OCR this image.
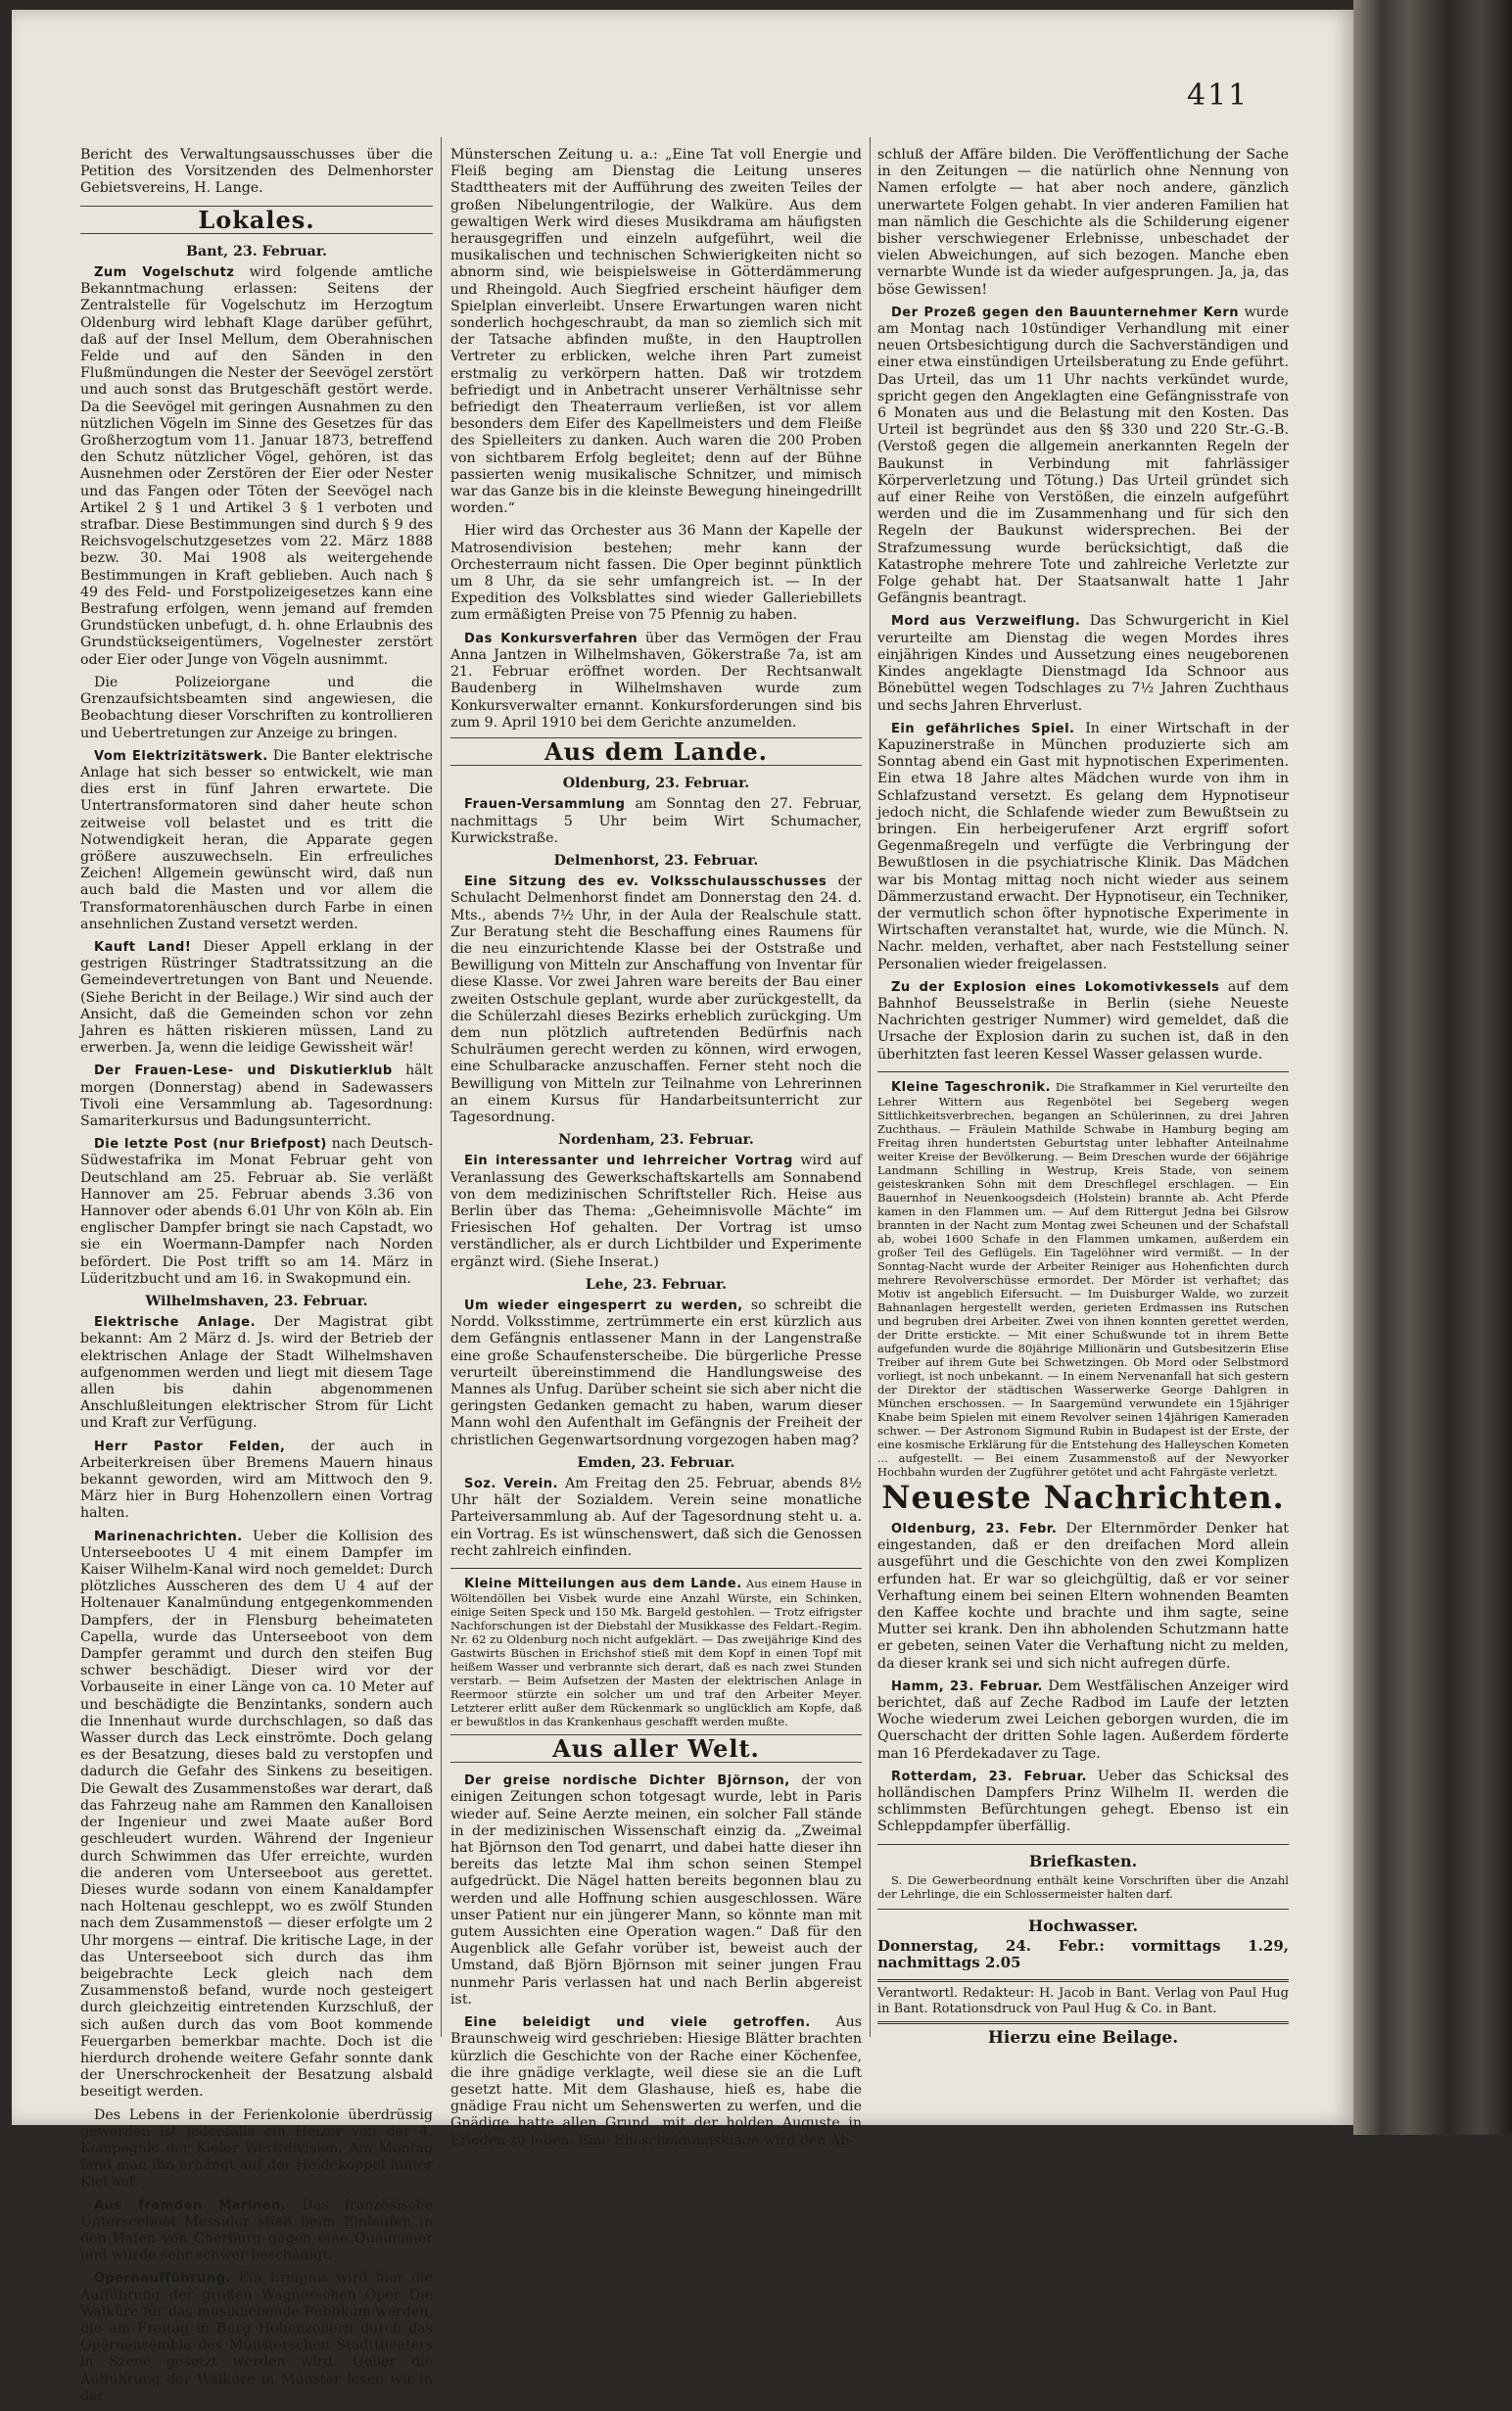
411
Bericht des Verwaltungsausschusses über die Petition des Vorsitzenden des Delmenhorster Gebietsvereins, H. Lange.
Lokales.
Bant, 23. Februar.

Zum Vogelschutz wird folgende amtliche Bekanntmachung erlassen: Seitens der Zentralstelle für Vogelschutz im Herzogtum Oldenburg wird lebhaft Klage darüber geführt, daß auf der Insel Mellum, dem Oberahnischen Felde und auf den Sänden in den Flußmündungen die Nester der Seevögel zerstört und auch sonst das Brutgeschäft gestört werde. Da die Seevögel mit geringen Ausnahmen zu den nützlichen Vögeln im Sinne des Gesetzes für das Großherzogtum vom 11. Januar 1873, betreffend den Schutz nützlicher Vögel, gehören, ist das Ausnehmen oder Zerstören der Eier oder Nester und das Fangen oder Töten der Seevögel nach Artikel 2 § 1 und Artikel 3 § 1 verboten und strafbar. Diese Bestimmungen sind durch § 9 des Reichsvogelschutzgesetzes vom 22. März 1888 bezw. 30. Mai 1908 als weitergehende Bestimmungen in Kraft geblieben. Auch nach § 49 des Feld- und Forstpolizeigesetzes kann eine Bestrafung erfolgen, wenn jemand auf fremden Grundstücken unbefugt, d. h. ohne Erlaubnis des Grundstückseigentümers, Vogelnester zerstört oder Eier oder Junge von Vögeln ausnimmt.

Die Polizeiorgane und die Grenzaufsichtsbeamten sind angewiesen, die Beobachtung dieser Vorschriften zu kontrollieren und Uebertretungen zur Anzeige zu bringen.

Vom Elektrizitätswerk. Die Banter elektrische Anlage hat sich besser so entwickelt, wie man dies erst in fünf Jahren erwartete. Die Untertransformatoren sind daher heute schon zeitweise voll belastet und es tritt die Notwendigkeit heran, die Apparate gegen größere auszuwechseln. Ein erfreuliches Zeichen! Allgemein gewünscht wird, daß nun auch bald die Masten und vor allem die Transformatorenhäuschen durch Farbe in einen ansehnlichen Zustand versetzt werden.

Kauft Land! Dieser Appell erklang in der gestrigen Rüstringer Stadtratssitzung an die Gemeindevertretungen von Bant und Neuende. (Siehe Bericht in der Beilage.) Wir sind auch der Ansicht, daß die Gemeinden schon vor zehn Jahren es hätten riskieren müssen, Land zu erwerben. Ja, wenn die leidige Gewissheit wär!

Der Frauen-Lese- und Diskutierklub hält morgen (Donnerstag) abend in Sadewassers Tivoli eine Versammlung ab. Tagesordnung: Samariterkursus und Badungsunterricht.

Die letzte Post (nur Briefpost) nach Deutsch-Südwestafrika im Monat Februar geht von Deutschland am 25. Februar ab. Sie verläßt Hannover am 25. Februar abends 3.36 von Hannover oder abends 6.01 Uhr von Köln ab. Ein englischer Dampfer bringt sie nach Capstadt, wo sie ein Woermann-Dampfer nach Norden befördert. Die Post trifft so am 14. März in Lüderitzbucht und am 16. in Swakopmund ein.

Wilhelmshaven, 23. Februar.

Elektrische Anlage. Der Magistrat gibt bekannt: Am 2 März d. Js. wird der Betrieb der elektrischen Anlage der Stadt Wilhelmshaven aufgenommen werden und liegt mit diesem Tage allen bis dahin abgenommenen Anschlußleitungen elektrischer Strom für Licht und Kraft zur Verfügung.

Herr Pastor Felden, der auch in Arbeiterkreisen über Bremens Mauern hinaus bekannt geworden, wird am Mittwoch den 9. März hier in Burg Hohenzollern einen Vortrag halten.

Marinenachrichten. Ueber die Kollision des Unterseebootes U 4 mit einem Dampfer im Kaiser Wilhelm-Kanal wird noch gemeldet: Durch plötzliches Ausscheren des dem U 4 auf der Holtenauer Kanalmündung entgegenkommenden Dampfers, der in Flensburg beheimateten Capella, wurde das Unterseeboot von dem Dampfer gerammt und durch den steifen Bug schwer beschädigt. Dieser wird vor der Vorbauseite in einer Länge von ca. 10 Meter auf und beschädigte die Benzintanks, sondern auch die Innenhaut wurde durchschlagen, so daß das Wasser durch das Leck einströmte. Doch gelang es der Besatzung, dieses bald zu verstopfen und dadurch die Gefahr des Sinkens zu beseitigen. Die Gewalt des Zusammenstoßes war derart, daß das Fahrzeug nahe am Rammen den Kanalloisen der Ingenieur und zwei Maate außer Bord geschleudert wurden. Während der Ingenieur durch Schwimmen das Ufer erreichte, wurden die anderen vom Unterseeboot aus gerettet. Dieses wurde sodann von einem Kanaldampfer nach Holtenau geschleppt, wo es zwölf Stunden nach dem Zusammenstoß — dieser erfolgte um 2 Uhr morgens — eintraf. Die kritische Lage, in der das Unterseeboot sich durch das ihm beigebrachte Leck gleich nach dem Zusammenstoß befand, wurde noch gesteigert durch gleichzeitig eintretenden Kurzschluß, der sich außen durch das vom Boot kommende Feuergarben bemerkbar machte. Doch ist die hierdurch drohende weitere Gefahr sonnte dank der Unerschrockenheit der Besatzung alsbald beseitigt werden.

Des Lebens in der Ferienkolonie überdrüssig geworden ist jedenfalls ein Heizer von der 4. Kompagnie der Kieler Werftdivision. Am Montag fand man ihn erhängt auf der Heidekoppel hinter Kiel auf.

Aus fremden Marinen. Das französische Unterseeboot Messidor stieß beim Einlaufen in den Hafen von Cherburg gegen eine Quaimauer und wurde sehr schwer beschädigt.

Opernaufführung. Ein Ereignis wird hier die Aufführung der großen Wagnerschen Oper Die Walküre für das musikliebende Publikum werden, die am Freitag in Burg Hohenzollern durch das Opernensemble des Münsterschen Stadttheaters in Szene gesetzt werden wird. Ueber die Aufführung der Walküre in Münster lesen wir in der

Münsterschen Zeitung u. a.: „Eine Tat voll Energie und Fleiß beging am Dienstag die Leitung unseres Stadttheaters mit der Aufführung des zweiten Teiles der großen Nibelungentrilogie, der Walküre. Aus dem gewaltigen Werk wird dieses Musikdrama am häufigsten herausgegriffen und einzeln aufgeführt, weil die musikalischen und technischen Schwierigkeiten nicht so abnorm sind, wie beispielsweise in Götterdämmerung und Rheingold. Auch Siegfried erscheint häufiger dem Spielplan einverleibt. Unsere Erwartungen waren nicht sonderlich hochgeschraubt, da man so ziemlich sich mit der Tatsache abfinden mußte, in den Hauptrollen Vertreter zu erblicken, welche ihren Part zumeist erstmalig zu verkörpern hatten. Daß wir trotzdem befriedigt und in Anbetracht unserer Verhältnisse sehr befriedigt den Theaterraum verließen, ist vor allem besonders dem Eifer des Kapellmeisters und dem Fleiße des Spielleiters zu danken. Auch waren die 200 Proben von sichtbarem Erfolg begleitet; denn auf der Bühne passierten wenig musikalische Schnitzer, und mimisch war das Ganze bis in die kleinste Bewegung hineingedrillt worden.“

Hier wird das Orchester aus 36 Mann der Kapelle der Matrosendivision bestehen; mehr kann der Orchesterraum nicht fassen. Die Oper beginnt pünktlich um 8 Uhr, da sie sehr umfangreich ist. — In der Expedition des Volksblattes sind wieder Galleriebillets zum ermäßigten Preise von 75 Pfennig zu haben.

Das Konkursverfahren über das Vermögen der Frau Anna Jantzen in Wilhelmshaven, Gökerstraße 7a, ist am 21. Februar eröffnet worden. Der Rechtsanwalt Baudenberg in Wilhelmshaven wurde zum Konkursverwalter ernannt. Konkursforderungen sind bis zum 9. April 1910 bei dem Gerichte anzumelden.

Aus dem Lande.
Oldenburg, 23. Februar.

Frauen-Versammlung am Sonntag den 27. Februar, nachmittags 5 Uhr beim Wirt Schumacher, Kurwickstraße.

Delmenhorst, 23. Februar.

Eine Sitzung des ev. Volksschulausschusses der Schulacht Delmenhorst findet am Donnerstag den 24. d. Mts., abends 7½ Uhr, in der Aula der Realschule statt. Zur Beratung steht die Beschaffung eines Raumens für die neu einzurichtende Klasse bei der Oststraße und Bewilligung von Mitteln zur Anschaffung von Inventar für diese Klasse. Vor zwei Jahren ware bereits der Bau einer zweiten Ostschule geplant, wurde aber zurückgestellt, da die Schülerzahl dieses Bezirks erheblich zurückging. Um dem nun plötzlich auftretenden Bedürfnis nach Schulräumen gerecht werden zu können, wird erwogen, eine Schulbaracke anzuschaffen. Ferner steht noch die Bewilligung von Mitteln zur Teilnahme von Lehrerinnen an einem Kursus für Handarbeitsunterricht zur Tagesordnung.

Nordenham, 23. Februar.

Ein interessanter und lehrreicher Vortrag wird auf Veranlassung des Gewerkschaftskartells am Sonnabend von dem medizinischen Schriftsteller Rich. Heise aus Berlin über das Thema: „Geheimnisvolle Mächte“ im Friesischen Hof gehalten. Der Vortrag ist umso verständlicher, als er durch Lichtbilder und Experimente ergänzt wird. (Siehe Inserat.)

Lehe, 23. Februar.

Um wieder eingesperrt zu werden, so schreibt die Nordd. Volksstimme, zertrümmerte ein erst kürzlich aus dem Gefängnis entlassener Mann in der Langenstraße eine große Schaufensterscheibe. Die bürgerliche Presse verurteilt übereinstimmend die Handlungsweise des Mannes als Unfug. Darüber scheint sie sich aber nicht die geringsten Gedanken gemacht zu haben, warum dieser Mann wohl den Aufenthalt im Gefängnis der Freiheit der christlichen Gegenwartsordnung vorgezogen haben mag?

Emden, 23. Februar.

Soz. Verein. Am Freitag den 25. Februar, abends 8½ Uhr hält der Sozialdem. Verein seine monatliche Parteiversammlung ab. Auf der Tagesordnung steht u. a. ein Vortrag. Es ist wünschenswert, daß sich die Genossen recht zahlreich einfinden.

Kleine Mitteilungen aus dem Lande. Aus einem Hause in Wöltendöllen bei Visbek wurde eine Anzahl Würste, ein Schinken, einige Seiten Speck und 150 Mk. Bargeld gestohlen. — Trotz eifrigster Nachforschungen ist der Diebstahl der Musikkasse des Feldart.-Regim. Nr. 62 zu Oldenburg noch nicht aufgeklärt. — Das zweijährige Kind des Gastwirts Büschen in Erichshof stieß mit dem Kopf in einen Topf mit heißem Wasser und verbrannte sich derart, daß es nach zwei Stunden verstarb. — Beim Aufsetzen der Masten der elektrischen Anlage in Reermoor stürzte ein solcher um und traf den Arbeiter Meyer. Letzterer erlitt außer dem Rückenmark so unglücklich am Kopfe, daß er bewußtlos in das Krankenhaus geschafft werden mußte.

Aus aller Welt.

Der greise nordische Dichter Björnson, der von einigen Zeitungen schon totgesagt wurde, lebt in Paris wieder auf. Seine Aerzte meinen, ein solcher Fall stände in der medizinischen Wissenschaft einzig da. „Zweimal hat Björnson den Tod genarrt, und dabei hatte dieser ihn bereits das letzte Mal ihm schon seinen Stempel aufgedrückt. Die Nägel hatten bereits begonnen blau zu werden und alle Hoffnung schien ausgeschlossen. Wäre unser Patient nur ein jüngerer Mann, so könnte man mit gutem Aussichten eine Operation wagen.“ Daß für den Augenblick alle Gefahr vorüber ist, beweist auch der Umstand, daß Björn Björnson mit seiner jungen Frau nunmehr Paris verlassen hat und nach Berlin abgereist ist.

Eine beleidigt und viele getroffen. Aus Braunschweig wird geschrieben: Hiesige Blätter brachten kürzlich die Geschichte von der Rache einer Köchenfee, die ihre gnädige verklagte, weil diese sie an die Luft gesetzt hatte. Mit dem Glashause, hieß es, habe die gnädige Frau nicht um Sehenswerten zu werfen, und die Gnädige hatte allen Grund, mit der holden Auguste in Frieden zu leben. Eine Ehescheidungsklage wird den Ab-

schluß der Affäre bilden. Die Veröffentlichung der Sache in den Zeitungen — die natürlich ohne Nennung von Namen erfolgte — hat aber noch andere, gänzlich unerwartete Folgen gehabt. In vier anderen Familien hat man nämlich die Geschichte als die Schilderung eigener bisher verschwiegener Erlebnisse, unbeschadet der vielen Abweichungen, auf sich bezogen. Manche eben vernarbte Wunde ist da wieder aufgesprungen. Ja, ja, das böse Gewissen!

Der Prozeß gegen den Bauunternehmer Kern wurde am Montag nach 10stündiger Verhandlung mit einer neuen Ortsbesichtigung durch die Sachverständigen und einer etwa einstündigen Urteilsberatung zu Ende geführt. Das Urteil, das um 11 Uhr nachts verkündet wurde, spricht gegen den Angeklagten eine Gefängnisstrafe von 6 Monaten aus und die Belastung mit den Kosten. Das Urteil ist begründet aus den §§ 330 und 220 Str.-G.-B. (Verstoß gegen die allgemein anerkannten Regeln der Baukunst in Verbindung mit fahrlässiger Körperverletzung und Tötung.) Das Urteil gründet sich auf einer Reihe von Verstößen, die einzeln aufgeführt werden und die im Zusammenhang und für sich den Regeln der Baukunst widersprechen. Bei der Strafzumessung wurde berücksichtigt, daß die Katastrophe mehrere Tote und zahlreiche Verletzte zur Folge gehabt hat. Der Staatsanwalt hatte 1 Jahr Gefängnis beantragt.

Mord aus Verzweiflung. Das Schwurgericht in Kiel verurteilte am Dienstag die wegen Mordes ihres einjährigen Kindes und Aussetzung eines neugeborenen Kindes angeklagte Dienstmagd Ida Schnoor aus Bönebüttel wegen Todschlages zu 7½ Jahren Zuchthaus und sechs Jahren Ehrverlust.

Ein gefährliches Spiel. In einer Wirtschaft in der Kapuzinerstraße in München produzierte sich am Sonntag abend ein Gast mit hypnotischen Experimenten. Ein etwa 18 Jahre altes Mädchen wurde von ihm in Schlafzustand versetzt. Es gelang dem Hypnotiseur jedoch nicht, die Schlafende wieder zum Bewußtsein zu bringen. Ein herbeigerufener Arzt ergriff sofort Gegenmaßregeln und verfügte die Verbringung der Bewußtlosen in die psychiatrische Klinik. Das Mädchen war bis Montag mittag noch nicht wieder aus seinem Dämmerzustand erwacht. Der Hypnotiseur, ein Techniker, der vermutlich schon öfter hypnotische Experimente in Wirtschaften veranstaltet hat, wurde, wie die Münch. N. Nachr. melden, verhaftet, aber nach Feststellung seiner Personalien wieder freigelassen.

Zu der Explosion eines Lokomotivkessels auf dem Bahnhof Beusselstraße in Berlin (siehe Neueste Nachrichten gestriger Nummer) wird gemeldet, daß die Ursache der Explosion darin zu suchen ist, daß in den überhitzten fast leeren Kessel Wasser gelassen wurde.

Kleine Tageschronik. Die Strafkammer in Kiel verurteilte den Lehrer Wittern aus Regenbötel bei Segeberg wegen Sittlichkeitsverbrechen, begangen an Schülerinnen, zu drei Jahren Zuchthaus. — Fräulein Mathilde Schwabe in Hamburg beging am Freitag ihren hundertsten Geburtstag unter lebhafter Anteilnahme weiter Kreise der Bevölkerung. — Beim Dreschen wurde der 66jährige Landmann Schilling in Westrup, Kreis Stade, von seinem geisteskranken Sohn mit dem Dreschflegel erschlagen. — Ein Bauernhof in Neuenkoogsdeich (Holstein) brannte ab. Acht Pferde kamen in den Flammen um. — Auf dem Rittergut Jedna bei Gilsrow brannten in der Nacht zum Montag zwei Scheunen und der Schafstall ab, wobei 1600 Schafe in den Flammen umkamen, außerdem ein großer Teil des Geflügels. Ein Tagelöhner wird vermißt. — In der Sonntag-Nacht wurde der Arbeiter Reiniger aus Hohenfichten durch mehrere Revolverschüsse ermordet. Der Mörder ist verhaftet; das Motiv ist angeblich Eifersucht. — Im Duisburger Walde, wo zurzeit Bahnanlagen hergestellt werden, gerieten Erdmassen ins Rutschen und begruben drei Arbeiter. Zwei von ihnen konnten gerettet werden, der Dritte erstickte. — Mit einer Schußwunde tot in ihrem Bette aufgefunden wurde die 80jährige Millionärin und Gutsbesitzerin Elise Treiber auf ihrem Gute bei Schwetzingen. Ob Mord oder Selbstmord vorliegt, ist noch unbekannt. — In einem Nervenanfall hat sich gestern der Direktor der städtischen Wasserwerke George Dahlgren in München erschossen. — In Saargemünd verwundete ein 15jähriger Knabe beim Spielen mit einem Revolver seinen 14jährigen Kameraden schwer. — Der Astronom Sigmund Rubin in Budapest ist der Erste, der eine kosmische Erklärung für die Entstehung des Halleyschen Kometen ... aufgestellt. — Bei einem Zusammenstoß auf der Newyorker Hochbahn wurden der Zugführer getötet und acht Fahrgäste verletzt.

Neueste Nachrichten.

Oldenburg, 23. Febr. Der Elternmörder Denker hat eingestanden, daß er den dreifachen Mord allein ausgeführt und die Geschichte von den zwei Komplizen erfunden hat. Er war so gleichgültig, daß er vor seiner Verhaftung einem bei seinen Eltern wohnenden Beamten den Kaffee kochte und brachte und ihm sagte, seine Mutter sei krank. Den ihn abholenden Schutzmann hatte er gebeten, seinen Vater die Verhaftung nicht zu melden, da dieser krank sei und sich nicht aufregen dürfe.

Hamm, 23. Februar. Dem Westfälischen Anzeiger wird berichtet, daß auf Zeche Radbod im Laufe der letzten Woche wiederum zwei Leichen geborgen wurden, die im Querschacht der dritten Sohle lagen. Außerdem förderte man 16 Pferdekadaver zu Tage.

Rotterdam, 23. Februar. Ueber das Schicksal des holländischen Dampfers Prinz Wilhelm II. werden die schlimmsten Befürchtungen gehegt. Ebenso ist ein Schleppdampfer überfällig.

Briefkasten.

S. Die Gewerbeordnung enthält keine Vorschriften über die Anzahl der Lehrlinge, die ein Schlossermeister halten darf.

Hochwasser.
Donnerstag, 24. Febr.: vormittags 1.29, nachmittags 2.05
Verantwortl. Redakteur: H. Jacob in Bant. Verlag von Paul Hug in Bant. Rotationsdruck von Paul Hug & Co. in Bant.
Hierzu eine Beilage.
